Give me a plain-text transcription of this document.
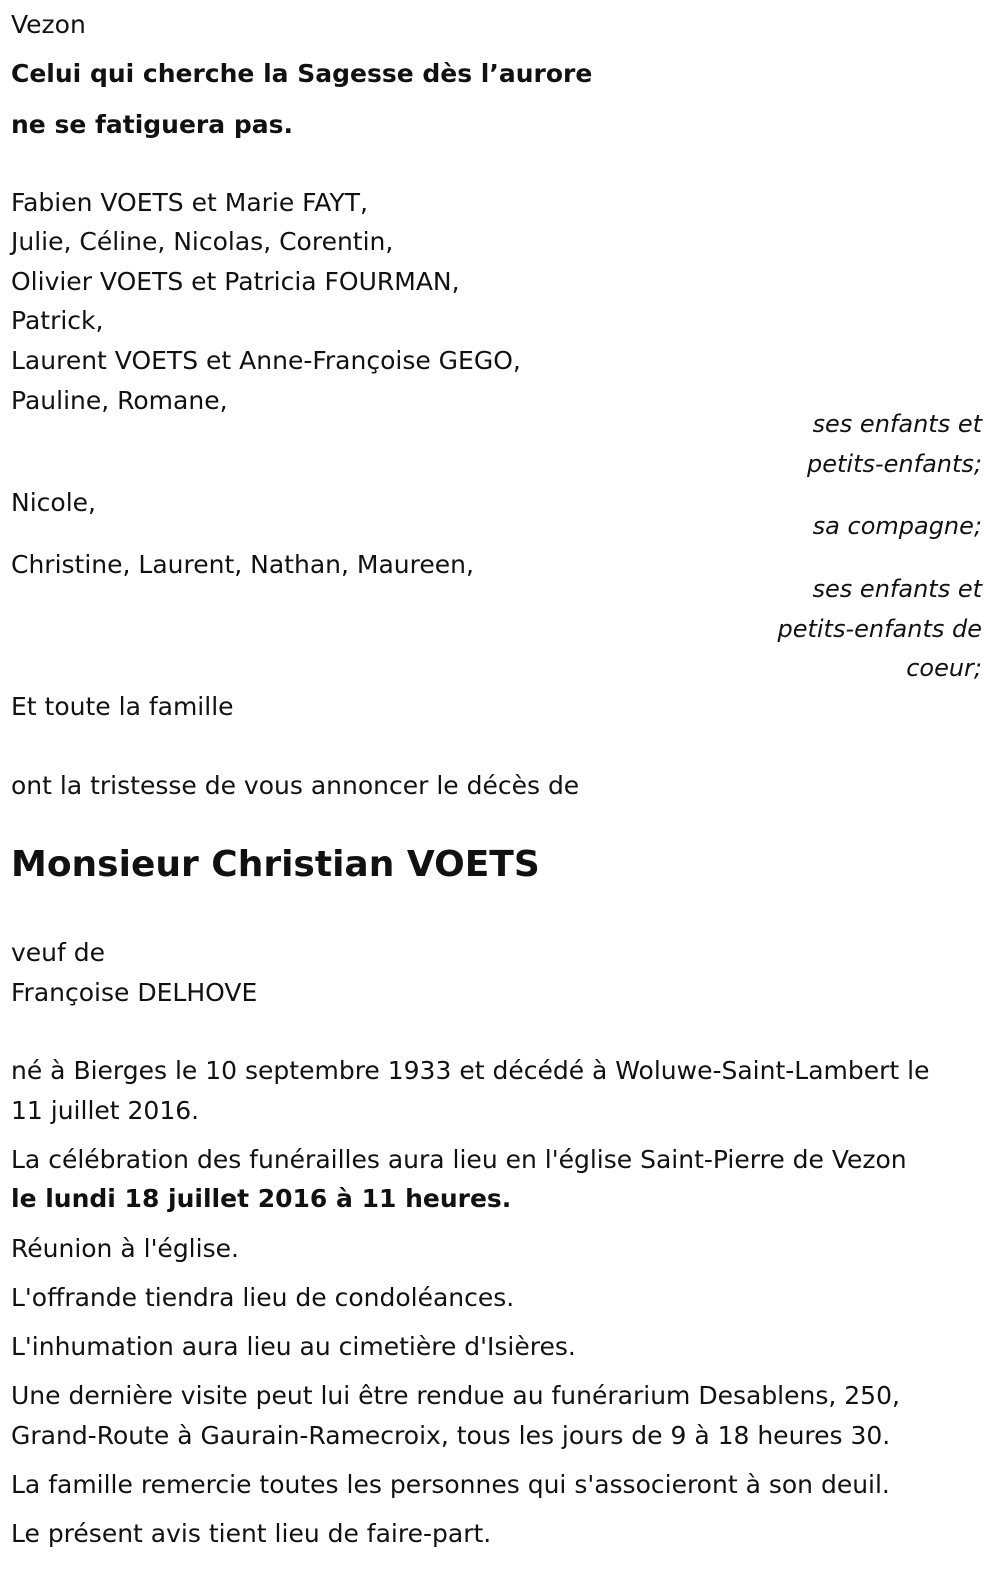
Vezon
Celui qui cherche la Sagesse dès l’aurore
ne se fatiguera pas.
Fabien VOETS et Marie FAYT,
Julie, Céline, Nicolas, Corentin,
Olivier VOETS et Patricia FOURMAN,
Patrick,
Laurent VOETS et Anne-Françoise GEGO,
Pauline, Romane,
ses enfants et
petits-enfants;
Nicole,
sa compagne;
Christine, Laurent, Nathan, Maureen,
ses enfants et
petits-enfants de
coeur;
Et toute la famille
ont la tristesse de vous annoncer le décès de
Monsieur Christian VOETS
veuf de
Françoise DELHOVE
né à Bierges le 10 septembre 1933 et décédé à Woluwe-Saint-Lambert le
11 juillet 2016.
La célébration des funérailles aura lieu en l'église Saint-Pierre de Vezon
le lundi 18 juillet 2016 à 11 heures.
Réunion à l'église.
L'offrande tiendra lieu de condoléances.
L'inhumation aura lieu au cimetière d'Isières.
Une dernière visite peut lui être rendue au funérarium Desablens, 250,
Grand-Route à Gaurain-Ramecroix, tous les jours de 9 à 18 heures 30.
La famille remercie toutes les personnes qui s'associeront à son deuil.
Le présent avis tient lieu de faire-part.
